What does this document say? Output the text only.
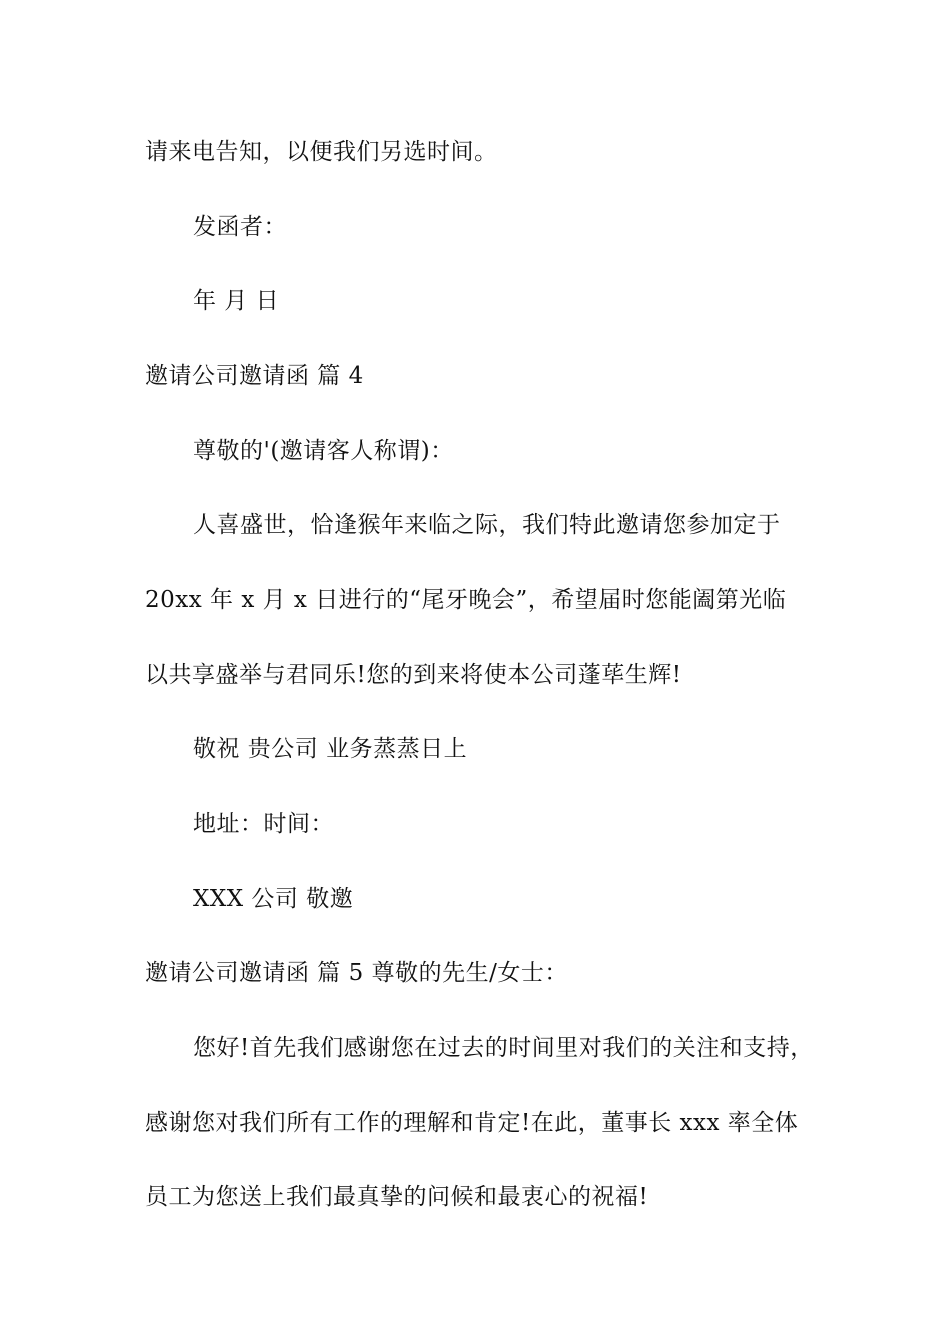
请来电告知，以便我们另选时间。

发函者：

年 月 日

邀请公司邀请函 篇 4

尊敬的'(邀请客人称谓)：

人喜盛世，恰逢猴年来临之际，我们特此邀请您参加定于

20xx 年 x 月 x 日进行的“尾牙晚会”，希望届时您能阖第光临

以共享盛举与君同乐!您的到来将使本公司蓬荜生辉!

敬祝 贵公司 业务蒸蒸日上

地址：时间：

XXX 公司 敬邀

邀请公司邀请函 篇 5 尊敬的先生/女士：

您好!首先我们感谢您在过去的时间里对我们的关注和支持，

感谢您对我们所有工作的理解和肯定!在此，董事长 xxx 率全体

员工为您送上我们最真挚的问候和最衷心的祝福!
